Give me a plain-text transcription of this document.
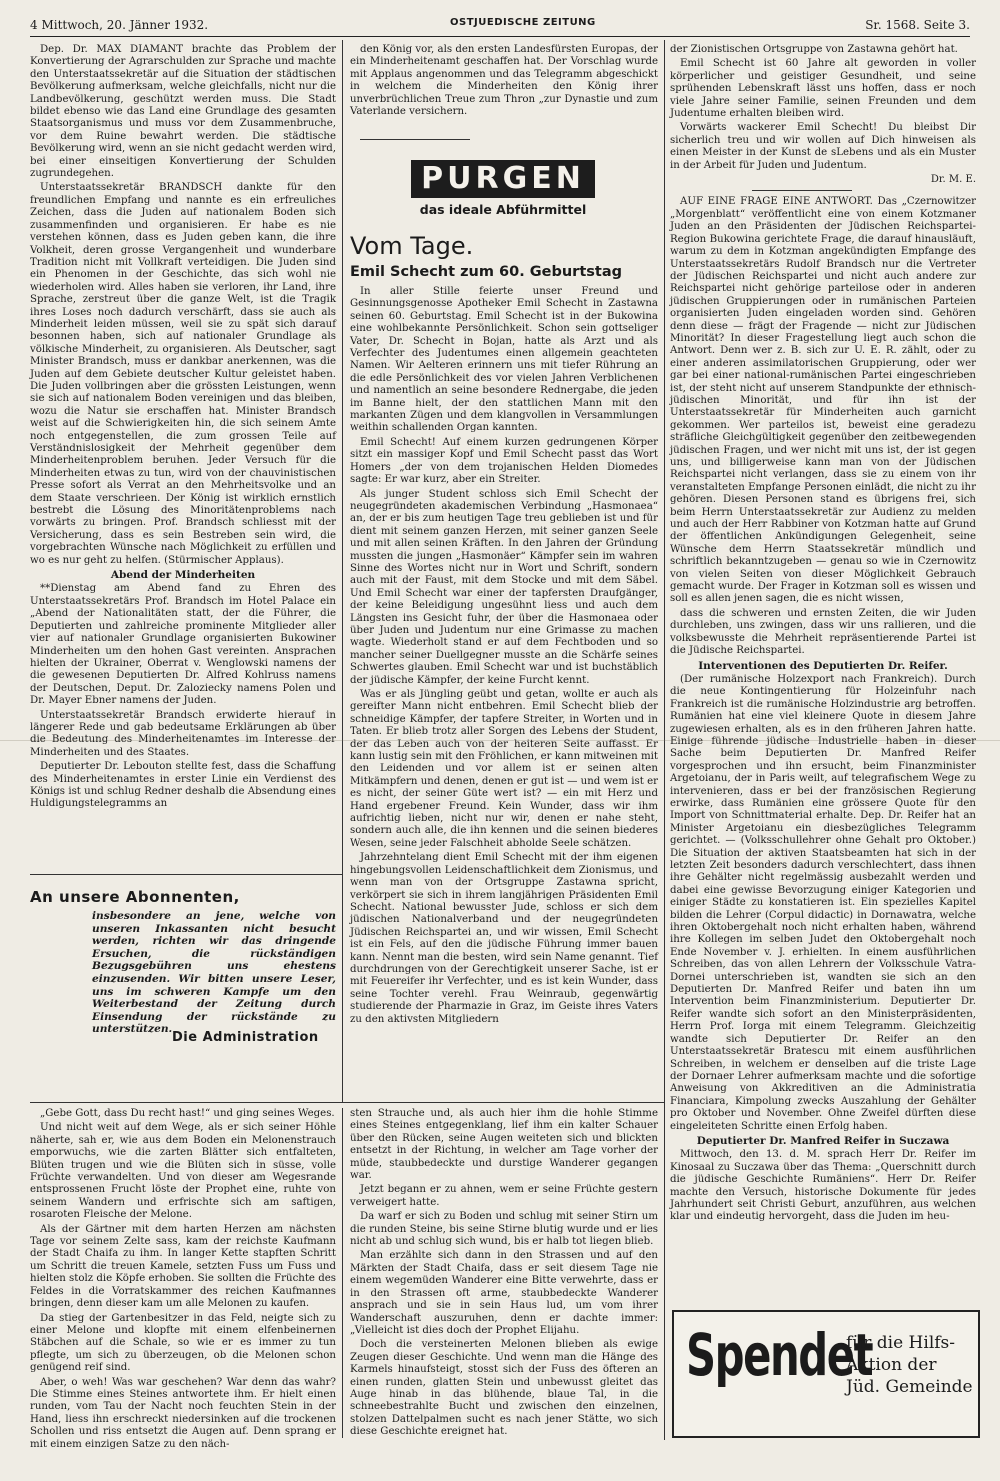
4 Mittwoch, 20. Jänner 1932.	OSTJUEDISCHE ZEITUNG	Sr. 1568. Seite 3.

Dep. Dr. MAX DIAMANT brachte das Problem der Konvertierung der Agrarschulden zur Sprache und machte den Unterstaatssekretär auf die Situation der städtischen Bevölkerung aufmerksam, welche gleichfalls, nicht nur die Landbevölkerung, geschützt werden muss. Die Stadt bildet ebenso wie das Land eine Grundlage des gesamten Staatsorganismus und muss vor dem Zusammenbruche, vor dem Ruine bewahrt werden. Die städtische Bevölkerung wird, wenn an sie nicht gedacht werden wird, bei einer einseitigen Konvertierung der Schulden zugrundegehen.

Unterstaatssekretär BRANDSCH dankte für den freundlichen Empfang und nannte es ein erfreuliches Zeichen, dass die Juden auf nationalem Boden sich zusammenfinden und organisieren. Er habe es nie verstehen können, dass es Juden geben kann, die ihre Volkheit, deren grosse Vergangenheit und wunderbare Tradition nicht mit Vollkraft verteidigen. Die Juden sind ein Phenomen in der Geschichte, das sich wohl nie wiederholen wird. Alles haben sie verloren, ihr Land, ihre Sprache, zerstreut über die ganze Welt, ist die Tragik ihres Loses noch dadurch verschärft, dass sie auch als Minderheit leiden müssen, weil sie zu spät sich darauf besonnen haben, sich auf nationaler Grundlage als völkische Minderheit, zu organisieren. Als Deutscher, sagt Minister Brandsch, muss er dankbar anerkennen, was die Juden auf dem Gebiete deutscher Kultur geleistet haben. Die Juden vollbringen aber die grössten Leistungen, wenn sie sich auf nationalem Boden vereinigen und das bleiben, wozu die Natur sie erschaffen hat. Minister Brandsch weist auf die Schwierigkeiten hin, die sich seinem Amte noch entgegenstellen, die zum grossen Teile auf Verständnislosigkeit der Mehrheit gegenüber dem Minderheitenproblem beruhen. Jeder Versuch für die Minderheiten etwas zu tun, wird von der chauvinistischen Presse sofort als Verrat an den Mehrheitsvolke und an dem Staate verschrieen. Der König ist wirklich ernstlich bestrebt die Lösung des Minoritätenproblems nach vorwärts zu bringen. Prof. Brandsch schliesst mit der Versicherung, dass es sein Bestreben sein wird, die vorgebrachten Wünsche nach Möglichkeit zu erfüllen und wo es nur geht zu helfen. (Stürmischer Applaus).

Abend der Minderheiten

**Dienstag am Abend fand zu Ehren des Unterstaatssekretärs Prof. Brandsch im Hotel Palace ein „Abend der Nationalitäten statt, der die Führer, die Deputierten und zahlreiche prominente Mitglieder aller vier auf nationaler Grundlage organisierten Bukowiner Minderheiten um den hohen Gast vereinten. Ansprachen hielten der Ukrainer, Oberrat v. Wenglowski namens der die gewesenen Deputierten Dr. Alfred Kohlruss namens der Deutschen, Deput. Dr. Zaloziecky namens Polen und Dr. Mayer Ebner namens der Juden.

Unterstaatssekretär Brandsch erwiderte hierauf in längerer Rede und gab bedeutsame Erklärungen ab über die Bedeutung des Minderheitenamtes im Interesse der Minderheiten und des Staates.

Deputierter Dr. Lebouton stellte fest, dass die Schaffung des Minderheitenamtes in erster Linie ein Verdienst des Königs ist und schlug Redner deshalb die Absendung eines Huldigungstelegramms an

An unsere Abonnenten,
insbesondere an jene, welche von unseren Inkassanten nicht besucht werden, richten wir das dringende Ersuchen, die rückständigen Bezugsgebühren uns ehestens einzusenden. Wir bitten unsere Leser, uns im schweren Kampfe um den Weiterbestand der Zeitung durch Einsendung der rückstände zu unterstützen.
Die Administration

den König vor, als den ersten Landesfürsten Europas, der ein Minderheitenamt geschaffen hat. Der Vorschlag wurde mit Applaus angenommen und das Telegramm abgeschickt in welchem die Minderheiten den König ihrer unverbrüchlichen Treue zum Thron „zur Dynastie und zum Vaterlande versichern.

PURGEN
das ideale Abführmittel
Vom Tage.
Emil Schecht zum 60. Geburtstag

In aller Stille feierte unser Freund und Gesinnungsgenosse Apotheker Emil Schecht in Zastawna seinen 60. Geburtstag. Emil Schecht ist in der Bukowina eine wohlbekannte Persönlichkeit. Schon sein gottseliger Vater, Dr. Schecht in Bojan, hatte als Arzt und als Verfechter des Judentumes einen allgemein geachteten Namen. Wir Aelteren erinnern uns mit tiefer Rührung an die edle Persönlichkeit des vor vielen Jahren Verblichenen und namentlich an seine besondere Rednergabe, die jeden im Banne hielt, der den stattlichen Mann mit den markanten Zügen und dem klangvollen in Versammlungen weithin schallenden Organ kannten.

Emil Schecht! Auf einem kurzen gedrungenen Körper sitzt ein massiger Kopf und Emil Schecht passt das Wort Homers „der von dem trojanischen Helden Diomedes sagte: Er war kurz, aber ein Streiter.

Als junger Student schloss sich Emil Schecht der neugegründeten akademischen Verbindung „Hasmonaea“ an, der er bis zum heutigen Tage treu geblieben ist und für dient mit seinem ganzen Herzen, mit seiner ganzen Seele und mit allen seinen Kräften. In den Jahren der Gründung mussten die jungen „Hasmonäer“ Kämpfer sein im wahren Sinne des Wortes nicht nur in Wort und Schrift, sondern auch mit der Faust, mit dem Stocke und mit dem Säbel. Und Emil Schecht war einer der tapfersten Draufgänger, der keine Beleidigung ungesühnt liess und auch dem Längsten ins Gesicht fuhr, der über die Hasmonaea oder über Juden und Judentum nur eine Grimasse zu machen wagte. Wiederholt stand er auf dem Fechtboden und so mancher seiner Duellgegner musste an die Schärfe seines Schwertes glauben. Emil Schecht war und ist buchstäblich der jüdische Kämpfer, der keine Furcht kennt.

Was er als Jüngling geübt und getan, wollte er auch als gereifter Mann nicht entbehren. Emil Schecht blieb der schneidige Kämpfer, der tapfere Streiter, in Worten und in Taten. Er blieb trotz aller Sorgen des Lebens der Student, der das Leben auch von der heiteren Seite auffasst. Er kann lustig sein mit den Fröhlichen, er kann mitweinen mit den Leidenden und vor allem ist er seinen alten Mitkämpfern und denen, denen er gut ist — und wem ist er es nicht, der seiner Güte wert ist? — ein mit Herz und Hand ergebener Freund. Kein Wunder, dass wir ihm aufrichtig lieben, nicht nur wir, denen er nahe steht, sondern auch alle, die ihn kennen und die seinen biederes Wesen, seine jeder Falschheit abholde Seele schätzen.

Jahrzehntelang dient Emil Schecht mit der ihm eigenen hingebungsvollen Leidenschaftlichkeit dem Zionismus, und wenn man von der Ortsgruppe Zastawna spricht, verkörpert sie sich in ihrem langjährigen Präsidenten Emil Schecht. National bewusster Jude, schloss er sich dem jüdischen Nationalverband und der neugegründeten Jüdischen Reichspartei an, und wir wissen, Emil Schecht ist ein Fels, auf den die jüdische Führung immer bauen kann. Nennt man die besten, wird sein Name genannt. Tief durchdrungen von der Gerechtigkeit unserer Sache, ist er mit Feuereifer ihr Verfechter, und es ist kein Wunder, dass seine Tochter verehl. Frau Weinraub, gegenwärtig studierende der Pharmazie in Graz, im Geiste ihres Vaters zu den aktivsten Mitgliedern

der Zionistischen Ortsgruppe von Zastawna gehört hat.

Emil Schecht ist 60 Jahre alt geworden in voller körperlicher und geistiger Gesundheit, und seine sprühenden Lebenskraft lässt uns hoffen, dass er noch viele Jahre seiner Familie, seinen Freunden und dem Judentume erhalten bleiben wird.

Vorwärts wackerer Emil Schecht! Du bleibst Dir sicherlich treu und wir wollen auf Dich hinweisen als einen Meister in der Kunst de sLebens und als ein Muster in der Arbeit für Juden und Judentum.

Dr. M. E.

AUF EINE FRAGE EINE ANTWORT. Das „Czernowitzer „Morgenblatt“ veröffentlicht eine von einem Kotzmaner Juden an den Präsidenten der Jüdischen Reichspartei-Region Bukowina gerichtete Frage, die darauf hinausläuft, warum zu dem in Kotzman angekündigten Empfange des Unterstaatssekretärs Rudolf Brandsch nur die Vertreter der Jüdischen Reichspartei und nicht auch andere zur Reichspartei nicht gehörige parteilose oder in anderen jüdischen Gruppierungen oder in rumänischen Parteien organisierten Juden eingeladen worden sind. Gehören denn diese — frägt der Fragende — nicht zur Jüdischen Minorität? In dieser Fragestellung liegt auch schon die Antwort. Denn wer z. B. sich zur U. E. R. zählt, oder zu einer anderen assimilatorischen Gruppierung, oder wer gar bei einer national-rumänischen Partei eingeschrieben ist, der steht nicht auf unserem Standpunkte der ethnisch-jüdischen Minorität, und für ihn ist der Unterstaatssekretär für Minderheiten auch garnicht gekommen. Wer parteilos ist, beweist eine geradezu sträfliche Gleichgültigkeit gegenüber den zeitbewegenden jüdischen Fragen, und wer nicht mit uns ist, der ist gegen uns, und billigerweise kann man von der Jüdischen Reichspartei nicht verlangen, dass sie zu einem von ihr veranstalteten Empfange Personen einlädt, die nicht zu ihr gehören. Diesen Personen stand es übrigens frei, sich beim Herrn Unterstaatssekretär zur Audienz zu melden und auch der Herr Rabbiner von Kotzman hatte auf Grund der öffentlichen Ankündigungen Gelegenheit, seine Wünsche dem Herrn Staatssekretär mündlich und schriftlich bekanntzugeben — genau so wie in Czernowitz von vielen Seiten von dieser Möglichkeit Gebrauch gemacht wurde. Der Frager in Kotzman soll es wissen und soll es allen jenen sagen, die es nicht wissen,

dass die schweren und ernsten Zeiten, die wir Juden durchleben, uns zwingen, dass wir uns rallieren, und die volksbewusste die Mehrheit repräsentierende Partei ist die Jüdische Reichspartei.

Interventionen des Deputierten Dr. Reifer.

(Der rumänische Holzexport nach Frankreich). Durch die neue Kontingentierung für Holzeinfuhr nach Frankreich ist die rumänische Holzindustrie arg betroffen. Rumänien hat eine viel kleinere Quote in diesem Jahre zugewiesen erhalten, als es in den früheren Jahren hatte. Einige führende jüdische Industrielle haben in dieser Sache beim Deputierten Dr. Manfred Reifer vorgesprochen und ihn ersucht, beim Finanzminister Argetoianu, der in Paris weilt, auf telegrafischem Wege zu intervenieren, dass er bei der französischen Regierung erwirke, dass Rumänien eine grössere Quote für den Import von Schnittmaterial erhalte. Dep. Dr. Reifer hat an Minister Argetoianu ein diesbezügliches Telegramm gerichtet. — (Volksschullehrer ohne Gehalt pro Oktober.) Die Situation der aktiven Staatsbeamten hat sich in der letzten Zeit besonders dadurch verschlechtert, dass ihnen ihre Gehälter nicht regelmässig ausbezahlt werden und dabei eine gewisse Bevorzugung einiger Kategorien und einiger Städte zu konstatieren ist. Ein spezielles Kapitel bilden die Lehrer (Corpul didactic) in Dornawatra, welche ihren Oktobergehalt noch nicht erhalten haben, während ihre Kollegen im selben Judet den Oktobergehalt noch Ende November v. J. erhielten. In einem ausführlichen Schreiben, das von allen Lehrern der Volksschule Vatra-Dornei unterschrieben ist, wandten sie sich an den Deputierten Dr. Manfred Reifer und baten ihn um Intervention beim Finanzministerium. Deputierter Dr. Reifer wandte sich sofort an den Ministerpräsidenten, Herrn Prof. Iorga mit einem Telegramm. Gleichzeitig wandte sich Deputierter Dr. Reifer an den Unterstaatssekretär Bratescu mit einem ausführlichen Schreiben, in welchem er denselben auf die triste Lage der Dornaer Lehrer aufmerksam machte und die sofortige Anweisung von Akkreditiven an die Administratia Financiara, Kimpolung zwecks Auszahlung der Gehälter pro Oktober und November. Ohne Zweifel dürften diese eingeleiteten Schritte einen Erfolg haben.

Deputierter Dr. Manfred Reifer in Suczawa

Mittwoch, den 13. d. M. sprach Herr Dr. Reifer im Kinosaal zu Suczawa über das Thema: „Querschnitt durch die jüdische Geschichte Rumäniens“. Herr Dr. Reifer machte den Versuch, historische Dokumente für jedes Jahrhundert seit Christi Geburt, anzuführen, aus welchen klar und eindeutig hervorgeht, dass die Juden im heu-

„Gebe Gott, dass Du recht hast!“ und ging seines Weges.

Und nicht weit auf dem Wege, als er sich seiner Höhle näherte, sah er, wie aus dem Boden ein Melonenstrauch emporwuchs, wie die zarten Blätter sich entfalteten, Blüten trugen und wie die Blüten sich in süsse, volle Früchte verwandelten. Und von dieser am Wegesrande entsprossenen Frucht löste der Prophet eine, ruhte von seinem Wandern und erfrischte sich am saftigen, rosaroten Fleische der Melone.

Als der Gärtner mit dem harten Herzen am nächsten Tage vor seinem Zelte sass, kam der reichste Kaufmann der Stadt Chaifa zu ihm. In langer Kette stapften Schritt um Schritt die treuen Kamele, setzten Fuss um Fuss und hielten stolz die Köpfe erhoben. Sie sollten die Früchte des Feldes in die Vorratskammer des reichen Kaufmannes bringen, denn dieser kam um alle Melonen zu kaufen.

Da stieg der Gartenbesitzer in das Feld, neigte sich zu einer Melone und klopfte mit einem elfenbeinernen Stäbchen auf die Schale, so wie er es immer zu tun pflegte, um sich zu überzeugen, ob die Melonen schon genügend reif sind.

Aber, o weh! Was war geschehen? War denn das wahr? Die Stimme eines Steines antwortete ihm. Er hielt einen runden, vom Tau der Nacht noch feuchten Stein in der Hand, liess ihn erschreckt niedersinken auf die trockenen Schollen und riss entsetzt die Augen auf. Denn sprang er mit einem einzigen Satze zu den näch-

sten Strauche und, als auch hier ihm die hohle Stimme eines Steines entgegenklang, lief ihm ein kalter Schauer über den Rücken, seine Augen weiteten sich und blickten entsetzt in der Richtung, in welcher am Tage vorher der müde, staubbedeckte und durstige Wanderer gegangen war.

Jetzt begann er zu ahnen, wem er seine Früchte gestern verweigert hatte.

Da warf er sich zu Boden und schlug mit seiner Stirn um die runden Steine, bis seine Stirne blutig wurde und er lies nicht ab und schlug sich wund, bis er halb tot liegen blieb.

Man erzählte sich dann in den Strassen und auf den Märkten der Stadt Chaifa, dass er seit diesem Tage nie einem wegemüden Wanderer eine Bitte verwehrte, dass er in den Strassen oft arme, staubbedeckte Wanderer ansprach und sie in sein Haus lud, um vom ihrer Wanderschaft auszuruhen, denn er dachte immer: „Vielleicht ist dies doch der Prophet Elijahu.

Doch die versteinerten Melonen blieben als ewige Zeugen dieser Geschichte. Und wenn man die Hänge des Karmels hinaufsteigt, stosst sich der Fuss des öfteren an einen runden, glatten Stein und unbewusst gleitet das Auge hinab in das blühende, blaue Tal, in die schneebestrahlte Bucht und zwischen den einzelnen, stolzen Dattelpalmen sucht es nach jener Stätte, wo sich diese Geschichte ereignet hat.

Spendet
für die Hilfs-
Aktion der
Jüd. Gemeinde
